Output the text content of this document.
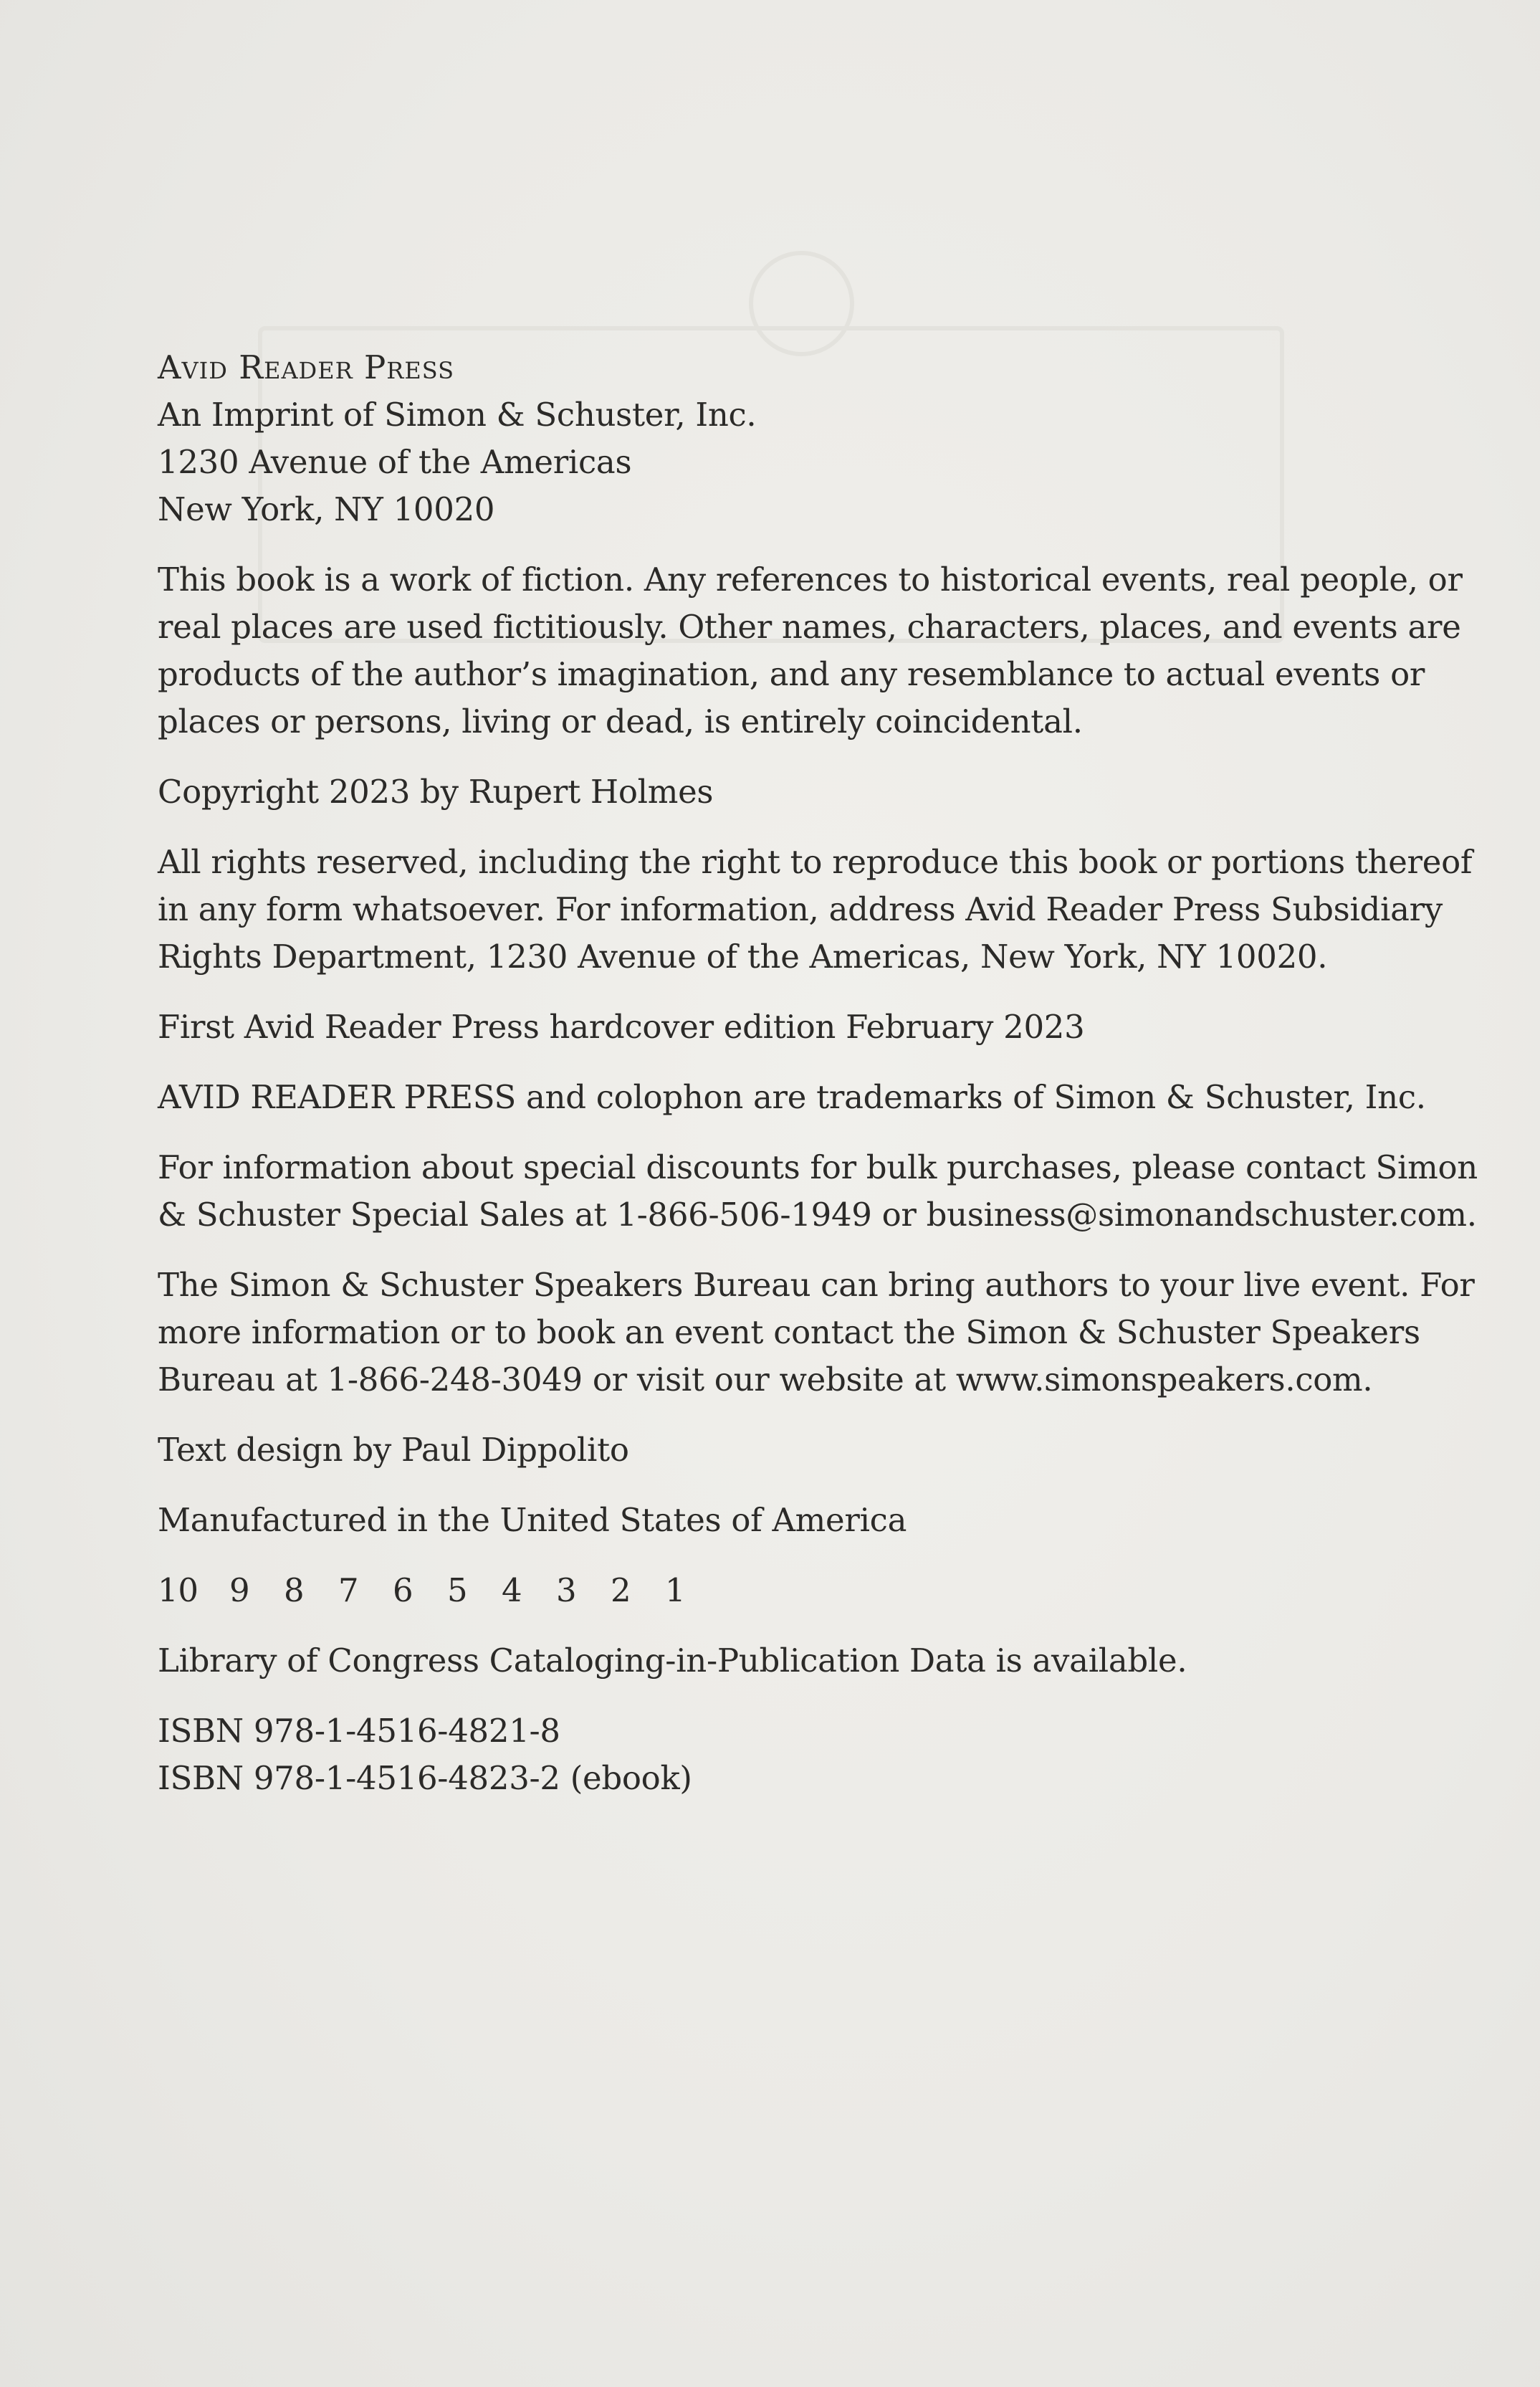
Avid Reader Press
An Imprint of Simon & Schuster, Inc.
1230 Avenue of the Americas
New York, NY 10020
This book is a work of fiction. Any references to historical events, real people, or
real places are used fictitiously. Other names, characters, places, and events are
products of the author’s imagination, and any resemblance to actual events or
places or persons, living or dead, is entirely coincidental.
Copyright 2023 by Rupert Holmes
All rights reserved, including the right to reproduce this book or portions thereof
in any form whatsoever. For information, address Avid Reader Press Subsidiary
Rights Department, 1230 Avenue of the Americas, New York, NY 10020.
First Avid Reader Press hardcover edition February 2023
AVID READER PRESS and colophon are trademarks of Simon & Schuster, Inc.
For information about special discounts for bulk purchases, please contact Simon
& Schuster Special Sales at 1-866-506-1949 or business@simonandschuster.com.
The Simon & Schuster Speakers Bureau can bring authors to your live event. For
more information or to book an event contact the Simon & Schuster Speakers
Bureau at 1-866-248-3049 or visit our website at www.simonspeakers.com.
Text design by Paul Dippolito
Manufactured in the United States of America
10 9	8	7	6	5	4	3	2	1
Library of Congress Cataloging-in-Publication Data is available.
ISBN 978-1-4516-4821-8
ISBN 978-1-4516-4823-2 (ebook)
